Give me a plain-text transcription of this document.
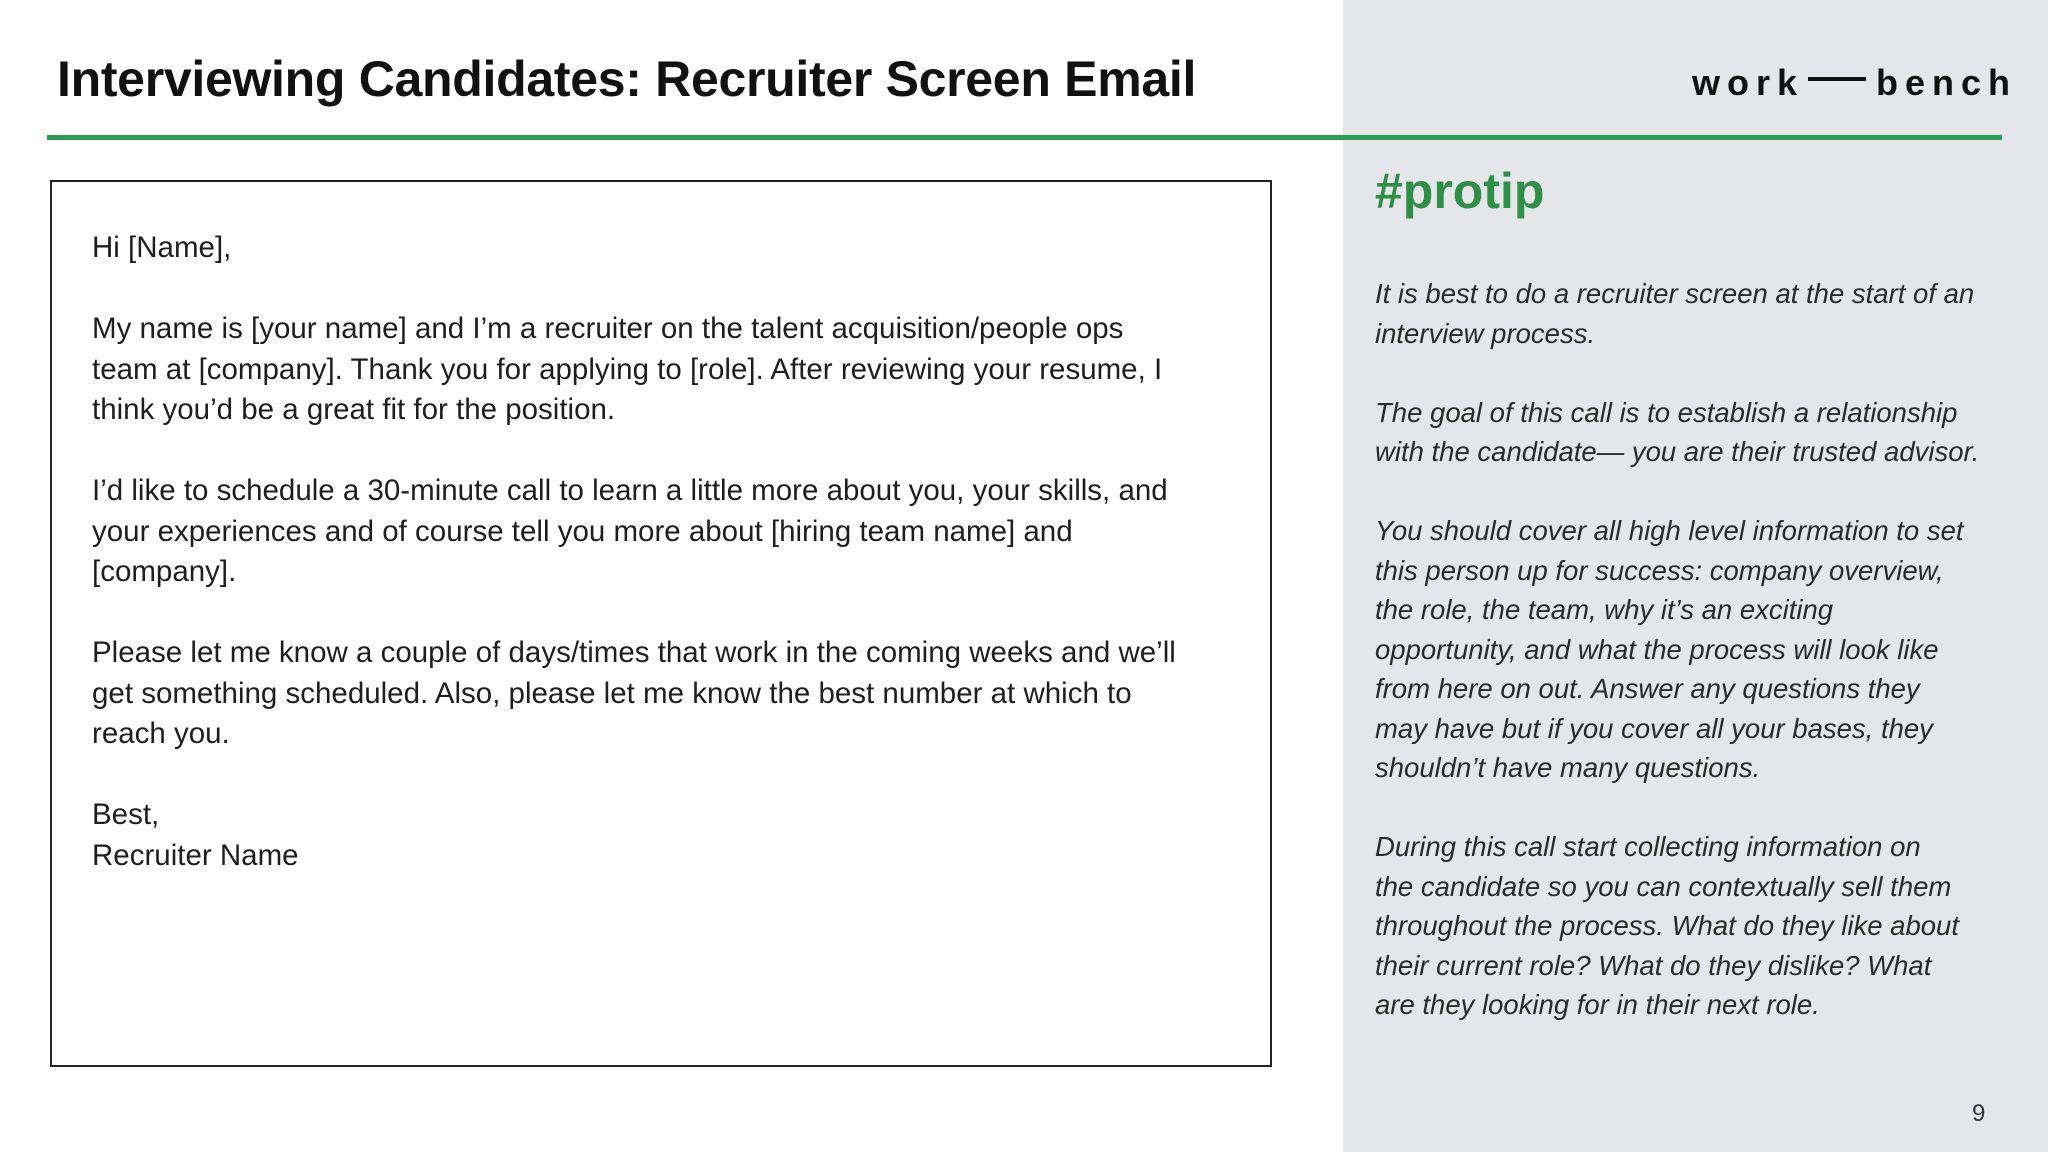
Interviewing Candidates: Recruiter Screen Email	work bench

Hi [Name],

My name is [your name] and I’m a recruiter on the talent acquisition/people ops
team at [company]. Thank you for applying to [role]. After reviewing your resume, I
think you’d be a great fit for the position.

I’d like to schedule a 30-minute call to learn a little more about you, your skills, and
your experiences and of course tell you more about [hiring team name] and
[company].

Please let me know a couple of days/times that work in the coming weeks and we’ll
get something scheduled. Also, please let me know the best number at which to
reach you.

Best,
Recruiter Name

#protip

It is best to do a recruiter screen at the start of an
interview process.

The goal of this call is to establish a relationship
with the candidate— you are their trusted advisor.

You should cover all high level information to set
this person up for success: company overview,
the role, the team, why it’s an exciting
opportunity, and what the process will look like
from here on out. Answer any questions they
may have but if you cover all your bases, they
shouldn’t have many questions.

During this call start collecting information on
the candidate so you can contextually sell them
throughout the process. What do they like about
their current role? What do they dislike? What
are they looking for in their next role.

9
